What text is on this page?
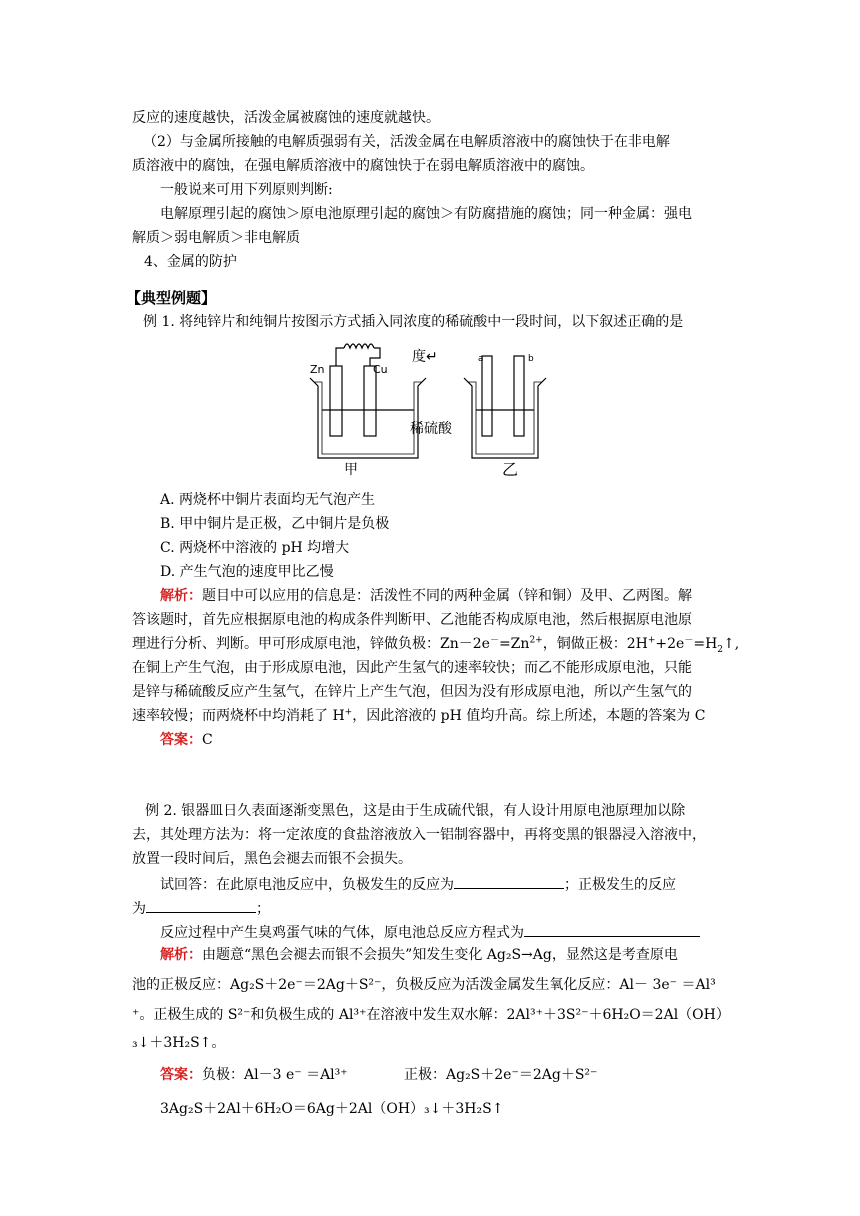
反应的速度越快，活泼金属被腐蚀的速度就越快。
（2）与金属所接触的电解质强弱有关，活泼金属在电解质溶液中的腐蚀快于在非电解
质溶液中的腐蚀，在强电解质溶液中的腐蚀快于在弱电解质溶液中的腐蚀。
一般说来可用下列原则判断:
电解原理引起的腐蚀＞原电池原理引起的腐蚀＞有防腐措施的腐蚀；同一种金属：强电
解质＞弱电解质＞非电解质
4、金属的防护
【典型例题】
例 1. 将纯锌片和纯铜片按图示方式插入同浓度的稀硫酸中一段时间，以下叙述正确的是
Zn	Cu
a	b
度↵
稀硫酸
甲	乙
A. 两烧杯中铜片表面均无气泡产生
B. 甲中铜片是正极，乙中铜片是负极
C. 两烧杯中溶液的 pH 均增大
D. 产生气泡的速度甲比乙慢
解析：题目中可以应用的信息是：活泼性不同的两种金属（锌和铜）及甲、乙两图。解
答该题时，首先应根据原电池的构成条件判断甲、乙池能否构成原电池，然后根据原电池原
理进行分析、判断。甲可形成原电池，锌做负极：$Zn-2e^-=Zn^{2+}$，铜做正极：$2H^++2e^-=H_2↑$,
在铜上产生气泡，由于形成原电池，因此产生氢气的速率较快；而乙不能形成原电池，只能
是锌与稀硫酸反应产生氢气，在锌片上产生气泡，但因为没有形成原电池，所以产生氢气的
速率较慢；而两烧杯中均消耗了 H+，因此溶液的 pH 值均升高。综上所述，本题的答案为 C
答案：C
例 2. 银器皿日久表面逐渐变黑色，这是由于生成硫代银，有人设计用原电池原理加以除
去，其处理方法为：将一定浓度的食盐溶液放入一铝制容器中，再将变黑的银器浸入溶液中，
放置一段时间后，黑色会褪去而银不会损失。
试回答：在此原电池反应中，负极发生的反应为	；正极发生的反应
为	；
反应过程中产生臭鸡蛋气味的气体，原电池总反应方程式为
解析：由题意“黑色会褪去而银不会损失”知发生变化 Ag₂S→Ag，显然这是考查原电
池的正极反应：Ag₂S＋2e⁻＝2Ag＋S²⁻，负极反应为活泼金属发生氧化反应：Al－ 3e⁻ ＝Al³
⁺。正极生成的 S²⁻和负极生成的 Al³⁺在溶液中发生双水解：2Al³⁺＋3S²⁻＋6H₂O＝2Al（OH）
₃↓＋3H₂S↑。
答案：负极：Al－3 e⁻ ＝Al³⁺	正极：Ag₂S＋2e⁻＝2Ag＋S²⁻
3Ag₂S＋2Al＋6H₂O＝6Ag＋2Al（OH）₃↓＋3H₂S↑
